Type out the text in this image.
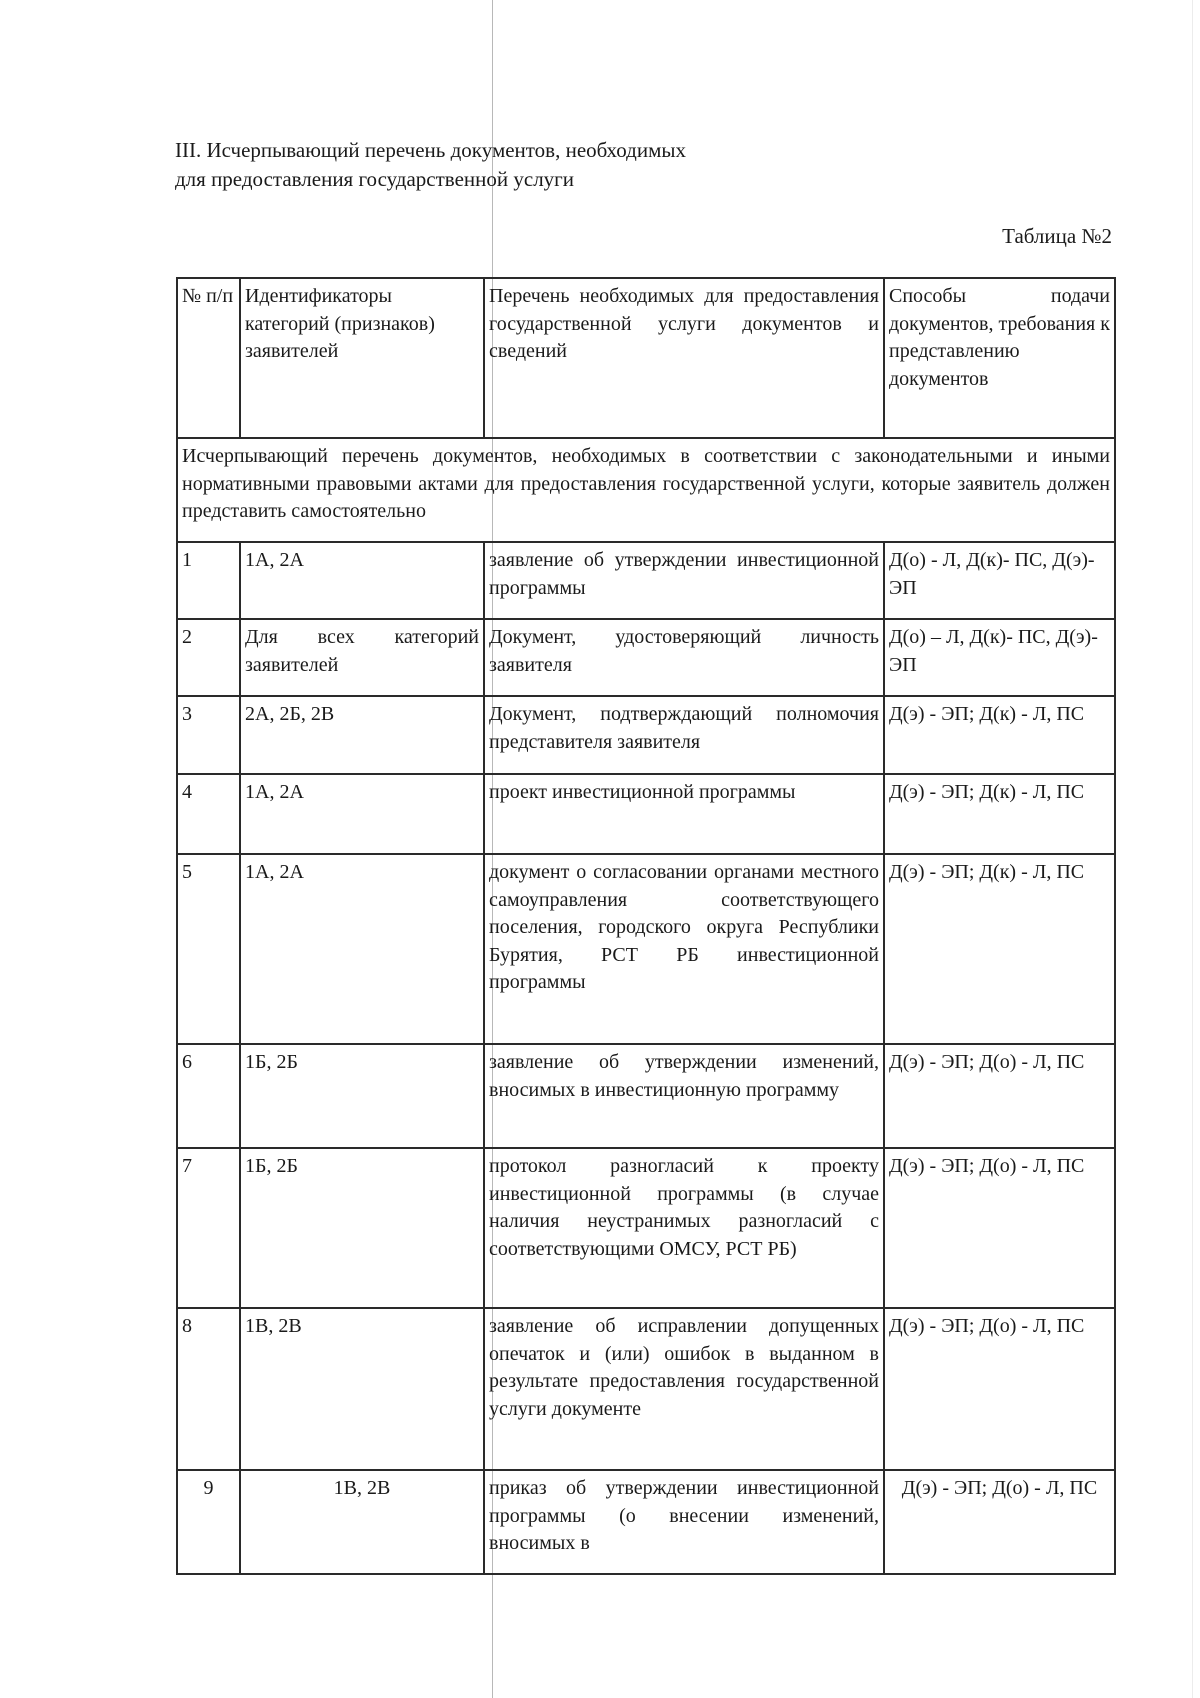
III. Исчерпывающий перечень документов, необходимых
для предоставления государственной услуги
Таблица №2
№ п/п	Идентификаторы категорий (признаков) заявителей	Перечень необходимых для предоставления государственной услуги документов и сведений	Способы подачи документов, требования к представлению документов
Исчерпывающий перечень документов, необходимых в соответствии с законодательными и иными нормативными правовыми актами для предоставления государственной услуги, которые заявитель должен представить самостоятельно			
1	1А, 2А	заявление об утверждении инвестиционной программы	Д(о) - Л, Д(к)- ПС, Д(э)- ЭП
2	Для всех категорий заявителей	Документ, удостоверяющий личность заявителя	Д(о) – Л, Д(к)- ПС, Д(э)- ЭП
3	2А, 2Б, 2В	Документ, подтверждающий полномочия представителя заявителя	Д(э) - ЭП; Д(к) - Л, ПС
4	1А, 2А	проект инвестиционной программы	Д(э) - ЭП; Д(к) - Л, ПС
5	1А, 2А	документ о согласовании органами местного самоуправления соответствующего поселения, городского округа Республики Бурятия, РСТ РБ инвестиционной программы	Д(э) - ЭП; Д(к) - Л, ПС
6	1Б, 2Б	заявление об утверждении изменений, вносимых в инвестиционную программу	Д(э) - ЭП; Д(о) - Л, ПС
7	1Б, 2Б	протокол разногласий к проекту инвестиционной программы (в случае наличия неустранимых разногласий с соответствующими ОМСУ, РСТ РБ)	Д(э) - ЭП; Д(о) - Л, ПС
8	1В, 2В	заявление об исправлении допущенных опечаток и (или) ошибок в выданном в результате предоставления государственной услуги документе	Д(э) - ЭП; Д(о) - Л, ПС
9	1В, 2В	приказ об утверждении инвестиционной программы (о внесении изменений, вносимых в	Д(э) - ЭП; Д(о) - Л, ПС
